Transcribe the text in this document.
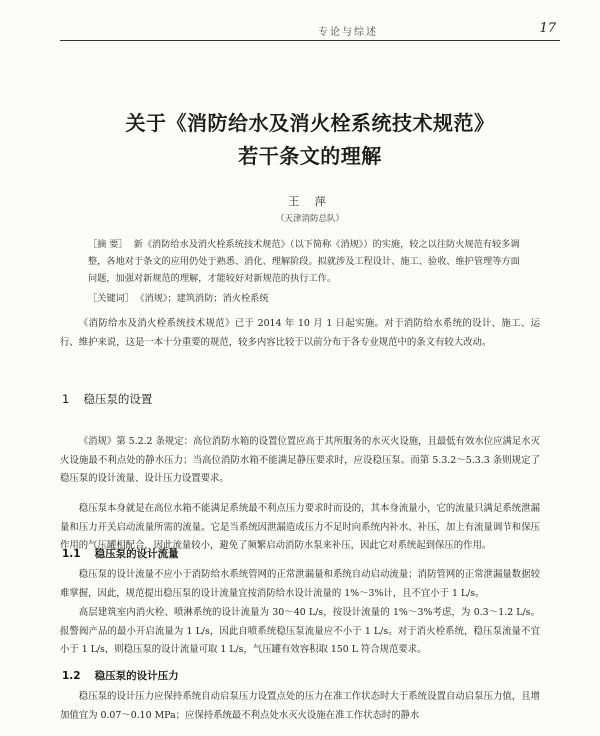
专论与综述	17
关于《消防给水及消火栓系统技术规范》
若干条文的理解
王 萍
（天津消防总队）
［摘 要］ 新《消防给水及消火栓系统技术规范》（以下简称《消规》）的实施，较之以往防火规范有较多调整，各地对于条文的应用仍处于熟悉、消化、理解阶段。拟就涉及工程设计、施工、验收、维护管理等方面问题，加强对新规范的理解，才能较好对新规范的执行工作。
［关键词］ 《消规》；建筑消防；消火栓系统
《消防给水及消火栓系统技术规范》已于 2014 年 10 月 1 日起实施。对于消防给水系统的设计、施工、运行、维护来说，这是一本十分重要的规范，较多内容比较于以前分布于各专业规范中的条文有较大改动。
1 稳压泵的设置
《消规》第 5.2.2 条规定：高位消防水箱的设置位置应高于其所服务的水灭火设施，且最低有效水位应满足水灭火设施最不利点处的静水压力；当高位消防水箱不能满足静压要求时，应设稳压泵。而第 5.3.2～5.3.3 条则规定了稳压泵的设计流量、设计压力设置要求。
稳压泵本身就是在高位水箱不能满足系统最不利点压力要求时而设的，其本身流量小，它的流量只满足系统泄漏量和压力开关启动流量所需的流量。它是当系统因泄漏造成压力不足时向系统内补水、补压，加上有流量调节和保压作用的气压罐相配合，因此流量较小，避免了频繁启动消防水泵来补压，因此它对系统起到保压的作用。
1.1 稳压泵的设计流量
稳压泵的设计流量不应小于消防给水系统管网的正常泄漏量和系统自动启动流量；消防管网的正常泄漏量数据较难掌握，因此，规范提出稳压泵的设计流量宜按消防给水设计流量的 1%～3%计，且不宜小于 1 L/s。
高层建筑室内消火栓、喷淋系统的设计流量为 30～40 L/s，按设计流量的 1%～3%考虑，为 0.3～1.2 L/s。报警阀产品的最小开启流量为 1 L/s，因此自喷系统稳压泵流量应不小于 1 L/s。对于消火栓系统，稳压泵流量不宜小于 1 L/s，则稳压泵的设计流量可取 1 L/s，气压罐有效容积取 150 L 符合规范要求。
1.2 稳压泵的设计压力
稳压泵的设计压力应保持系统自动启泵压力设置点处的压力在准工作状态时大于系统设置自动启泵压力值，且增加值宜为 0.07～0.10 MPa；应保持系统最不利点处水灭火设施在准工作状态时的静水
